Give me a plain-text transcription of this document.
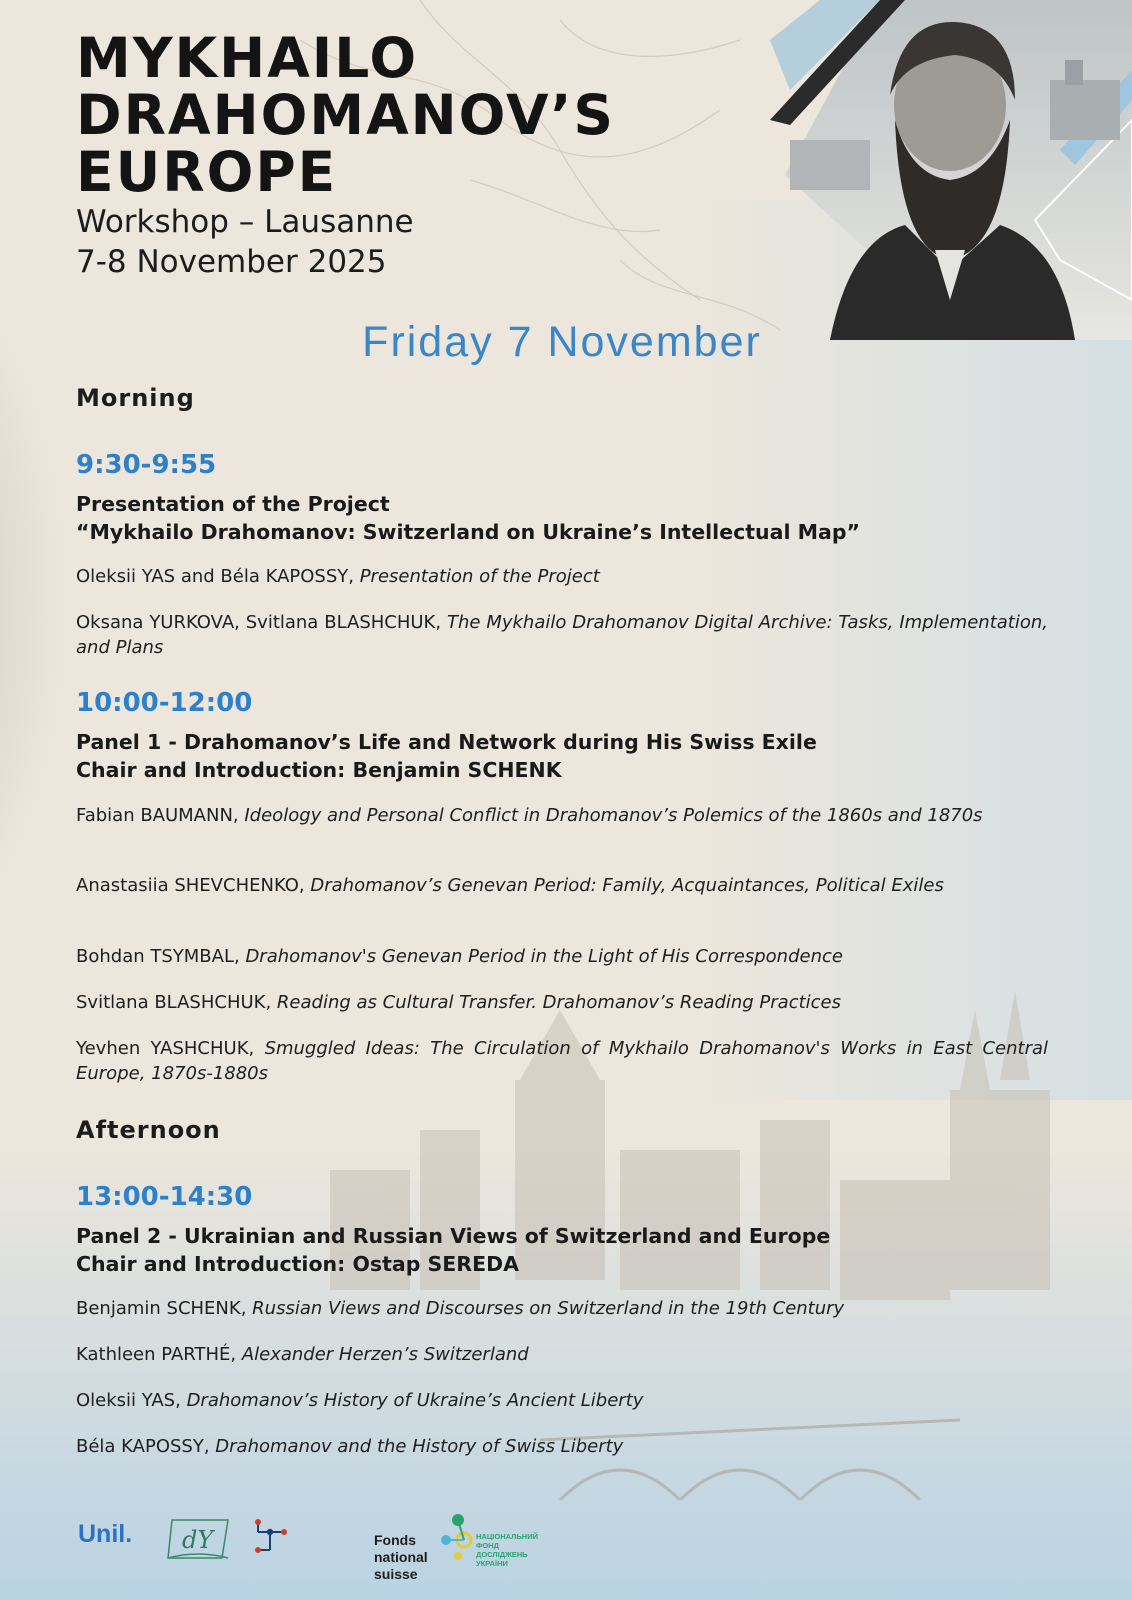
MYKHAILO
DRAHOMANOV’S
EUROPE
Workshop – Lausanne
7-8 November 2025
Friday 7 November
Morning
9:30-9:55
Presentation of the Project
“Mykhailo Drahomanov: Switzerland on Ukraine’s Intellectual Map”
Oleksii YAS and Béla KAPOSSY, Presentation of the Project
Oksana YURKOVA, Svitlana BLASHCHUK, The Mykhailo Drahomanov Digital Archive: Tasks, Implementation, and Plans
10:00-12:00
Panel 1 - Drahomanov’s Life and Network during His Swiss Exile
Chair and Introduction: Benjamin SCHENK
Fabian BAUMANN, Ideology and Personal Conflict in Drahomanov’s Polemics of the 1860s and 1870s
Anastasiia SHEVCHENKO, Drahomanov’s Genevan Period: Family, Acquaintances, Political Exiles
Bohdan TSYMBAL, Drahomanov's Genevan Period in the Light of His Correspondence
Svitlana BLASHCHUK, Reading as Cultural Transfer. Drahomanov’s Reading Practices
Yevhen YASHCHUK, Smuggled Ideas: The Circulation of Mykhailo Drahomanov's Works in East Central Europe, 1870s-1880s
Afternoon
13:00-14:30
Panel 2 - Ukrainian and Russian Views of Switzerland and Europe
Chair and Introduction: Ostap SEREDA
Benjamin SCHENK, Russian Views and Discourses on Switzerland in the 19th Century
Kathleen PARTHÉ, Alexander Herzen’s Switzerland
Oleksii YAS, Drahomanov’s History of Ukraine’s Ancient Liberty
Béla KAPOSSY, Drahomanov and the History of Swiss Liberty
Unil. dY	Fonds national
suisse
НАЦІОНАЛЬНИЙ
ФОНД ДОСЛІДЖЕНЬ
УКРАЇНИ
